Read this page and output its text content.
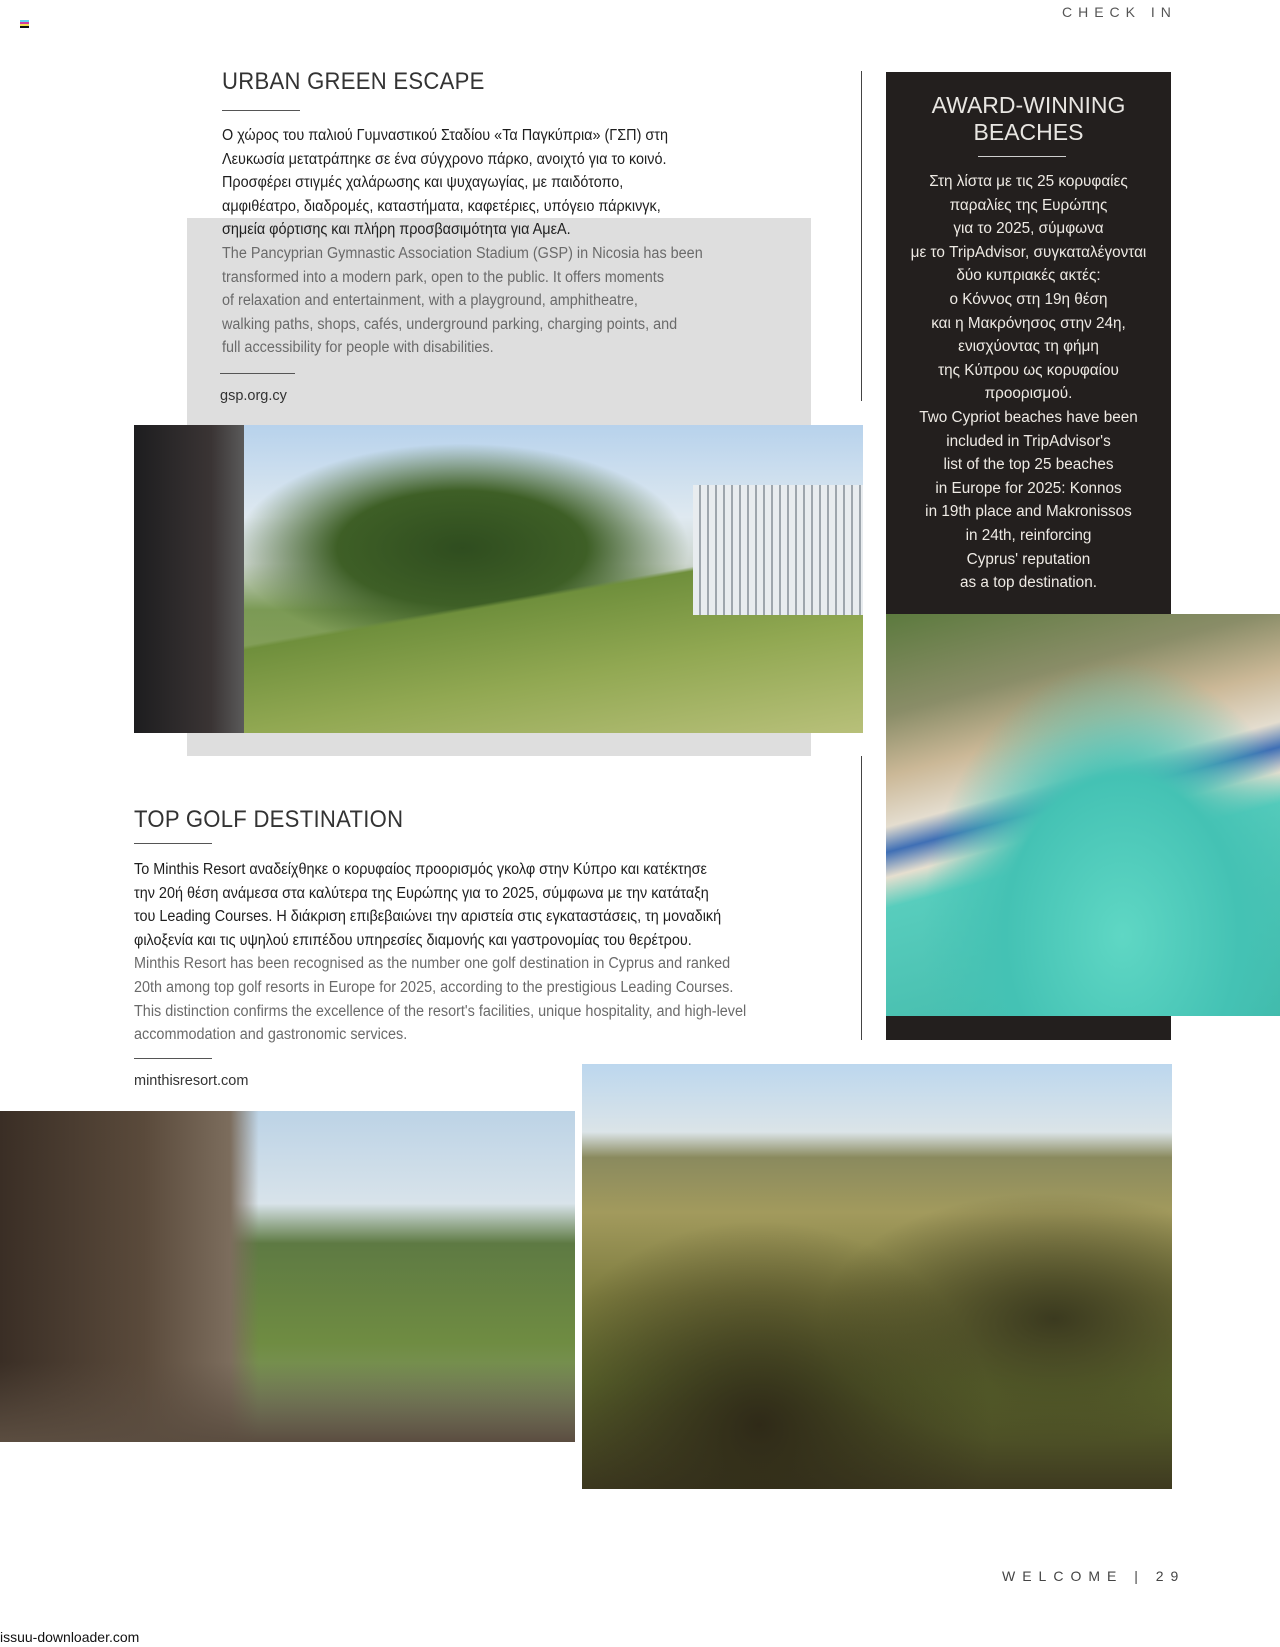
CHECK IN
URBAN GREEN ESCAPE
Ο χώρος του παλιού Γυμναστικού Σταδίου «Τα Παγκύπρια» (ΓΣΠ) στη
Λευκωσία μετατράπηκε σε ένα σύγχρονο πάρκο, ανοιχτό για το κοινό.
Προσφέρει στιγμές χαλάρωσης και ψυχαγωγίας, με παιδότοπο,
αμφιθέατρο, διαδρομές, καταστήματα, καφετέριες, υπόγειο πάρκινγκ,
σημεία φόρτισης και πλήρη προσβασιμότητα για ΑμεΑ.
The Pancyprian Gymnastic Association Stadium (GSP) in Nicosia has been
transformed into a modern park, open to the public. It offers moments
of relaxation and entertainment, with a playground, amphitheatre,
walking paths, shops, cafés, underground parking, charging points, and
full accessibility for people with disabilities.
gsp.org.cy
AWARD-WINNING
BEACHES
Στη λίστα με τις 25 κορυφαίες
παραλίες της Ευρώπης
για το 2025, σύμφωνα
με το TripAdvisor, συγκαταλέγονται
δύο κυπριακές ακτές:
ο Κόννος στη 19η θέση
και η Μακρόνησος στην 24η,
ενισχύοντας τη φήμη
της Κύπρου ως κορυφαίου
προορισμού.
Two Cypriot beaches have been
included in TripAdvisor's
list of the top 25 beaches
in Europe for 2025: Konnos
in 19th place and Makronissos
in 24th, reinforcing
Cyprus' reputation
as a top destination.
TOP GOLF DESTINATION
Το Minthis Resort αναδείχθηκε ο κορυφαίος προορισμός γκολφ στην Κύπρο και κατέκτησε
την 20ή θέση ανάμεσα στα καλύτερα της Ευρώπης για το 2025, σύμφωνα με την κατάταξη
του Leading Courses. Η διάκριση επιβεβαιώνει την αριστεία στις εγκαταστάσεις, τη μοναδική
φιλοξενία και τις υψηλού επιπέδου υπηρεσίες διαμονής και γαστρονομίας του θερέτρου.
Minthis Resort has been recognised as the number one golf destination in Cyprus and ranked
20th among top golf resorts in Europe for 2025, according to the prestigious Leading Courses.
This distinction confirms the excellence of the resort's facilities, unique hospitality, and high-level
accommodation and gastronomic services.
minthisresort.com
WELCOME | 29
issuu-downloader.com
